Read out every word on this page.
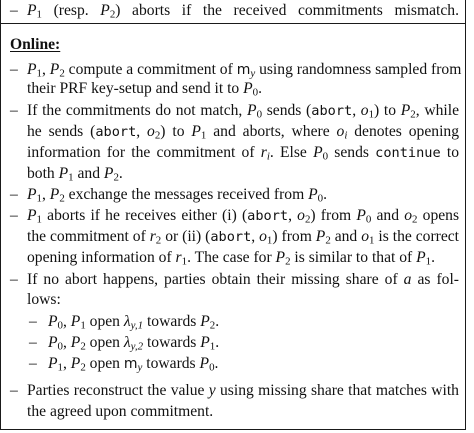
– $P_1$ (resp. $P_2$) aborts if the received commitments mismatch.
Online:
– $P_1$, $P_2$ compute a commitment of $m_y$ using randomness sampled from
their PRF key-setup and send it to $P_0$.
– If the commitments do not match, $P_0$ sends (abort, $o_1$) to $P_2$, while
he sends (abort, $o_2$) to $P_1$ and aborts, where $o_i$ denotes opening
information for the commitment of $r_i$. Else $P_0$ sends continue to
both $P_1$ and $P_2$.
– $P_1$, $P_2$ exchange the messages received from $P_0$.
– $P_1$ aborts if he receives either (i) (abort, $o_2$) from $P_0$ and $o_2$ opens
the commitment of $r_2$ or (ii) (abort, $o_1$) from $P_2$ and $o_1$ is the correct
opening information of $r_1$. The case for $P_2$ is similar to that of $P_1$.
– If no abort happens, parties obtain their missing share of a as fol-
lows:
– $P_0$, $P_1$ open $\lambda_{y,1}$ towards $P_2$.
– $P_0$, $P_2$ open $\lambda_{y,2}$ towards $P_1$.
– $P_1$, $P_2$ open $m_y$ towards $P_0$.
– Parties reconstruct the value y using missing share that matches with
the agreed upon commitment.
